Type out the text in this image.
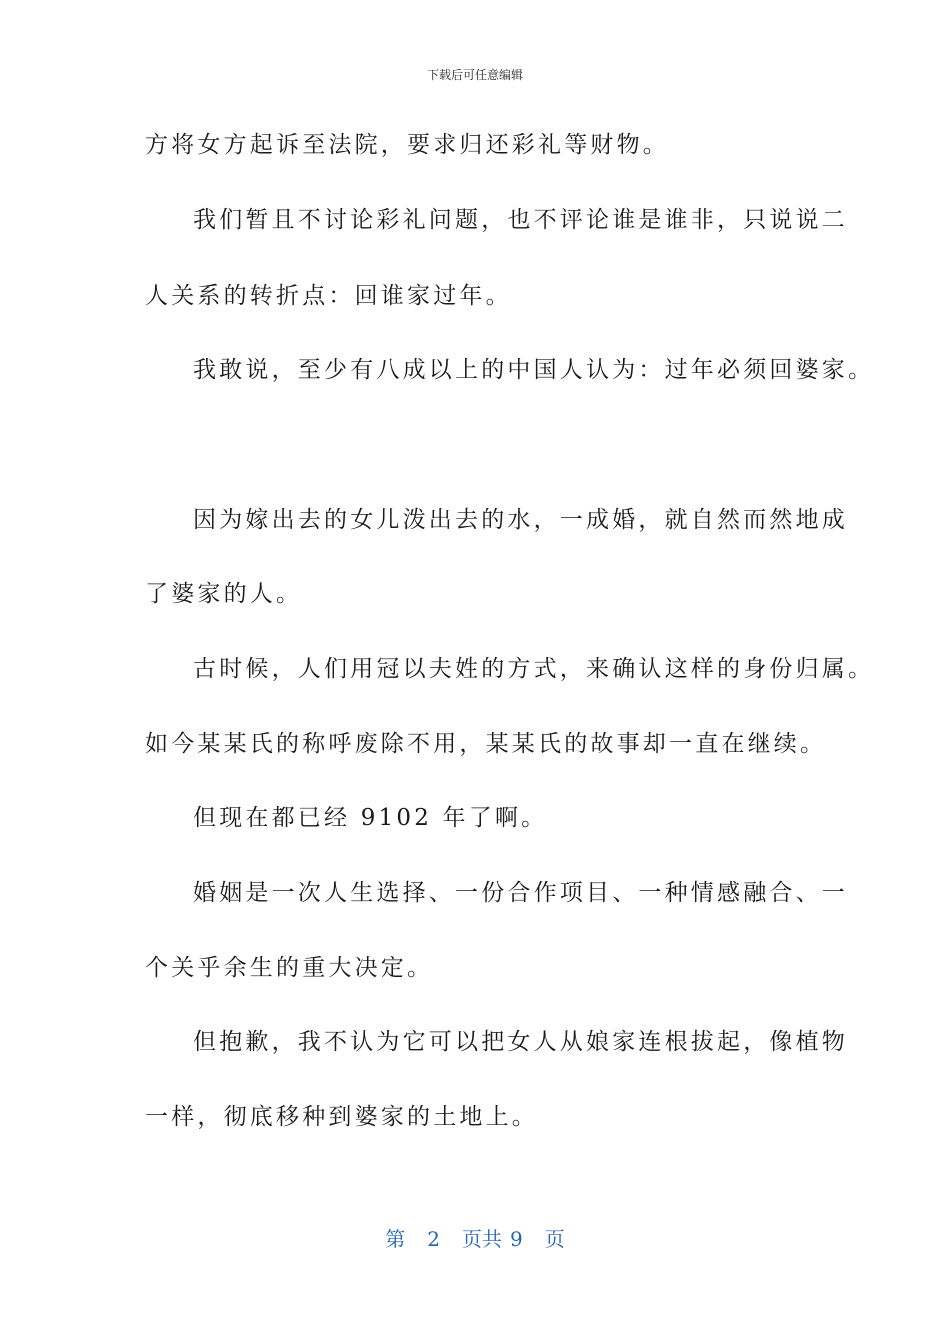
下载后可任意编辑
方将女方起诉至法院，要求归还彩礼等财物。
我们暂且不讨论彩礼问题，也不评论谁是谁非，只说说二
人关系的转折点：回谁家过年。
我敢说，至少有八成以上的中国人认为：过年必须回婆家。
因为嫁出去的女儿泼出去的水，一成婚，就自然而然地成
了婆家的人。
古时候，人们用冠以夫姓的方式，来确认这样的身份归属。
如今某某氏的称呼废除不用，某某氏的故事却一直在继续。
但现在都已经 9102 年了啊。
婚姻是一次人生选择、一份合作项目、一种情感融合、一
个关乎余生的重大决定。
但抱歉，我不认为它可以把女人从娘家连根拔起，像植物
一样，彻底移种到婆家的土地上。
第 2 页共 9 页
